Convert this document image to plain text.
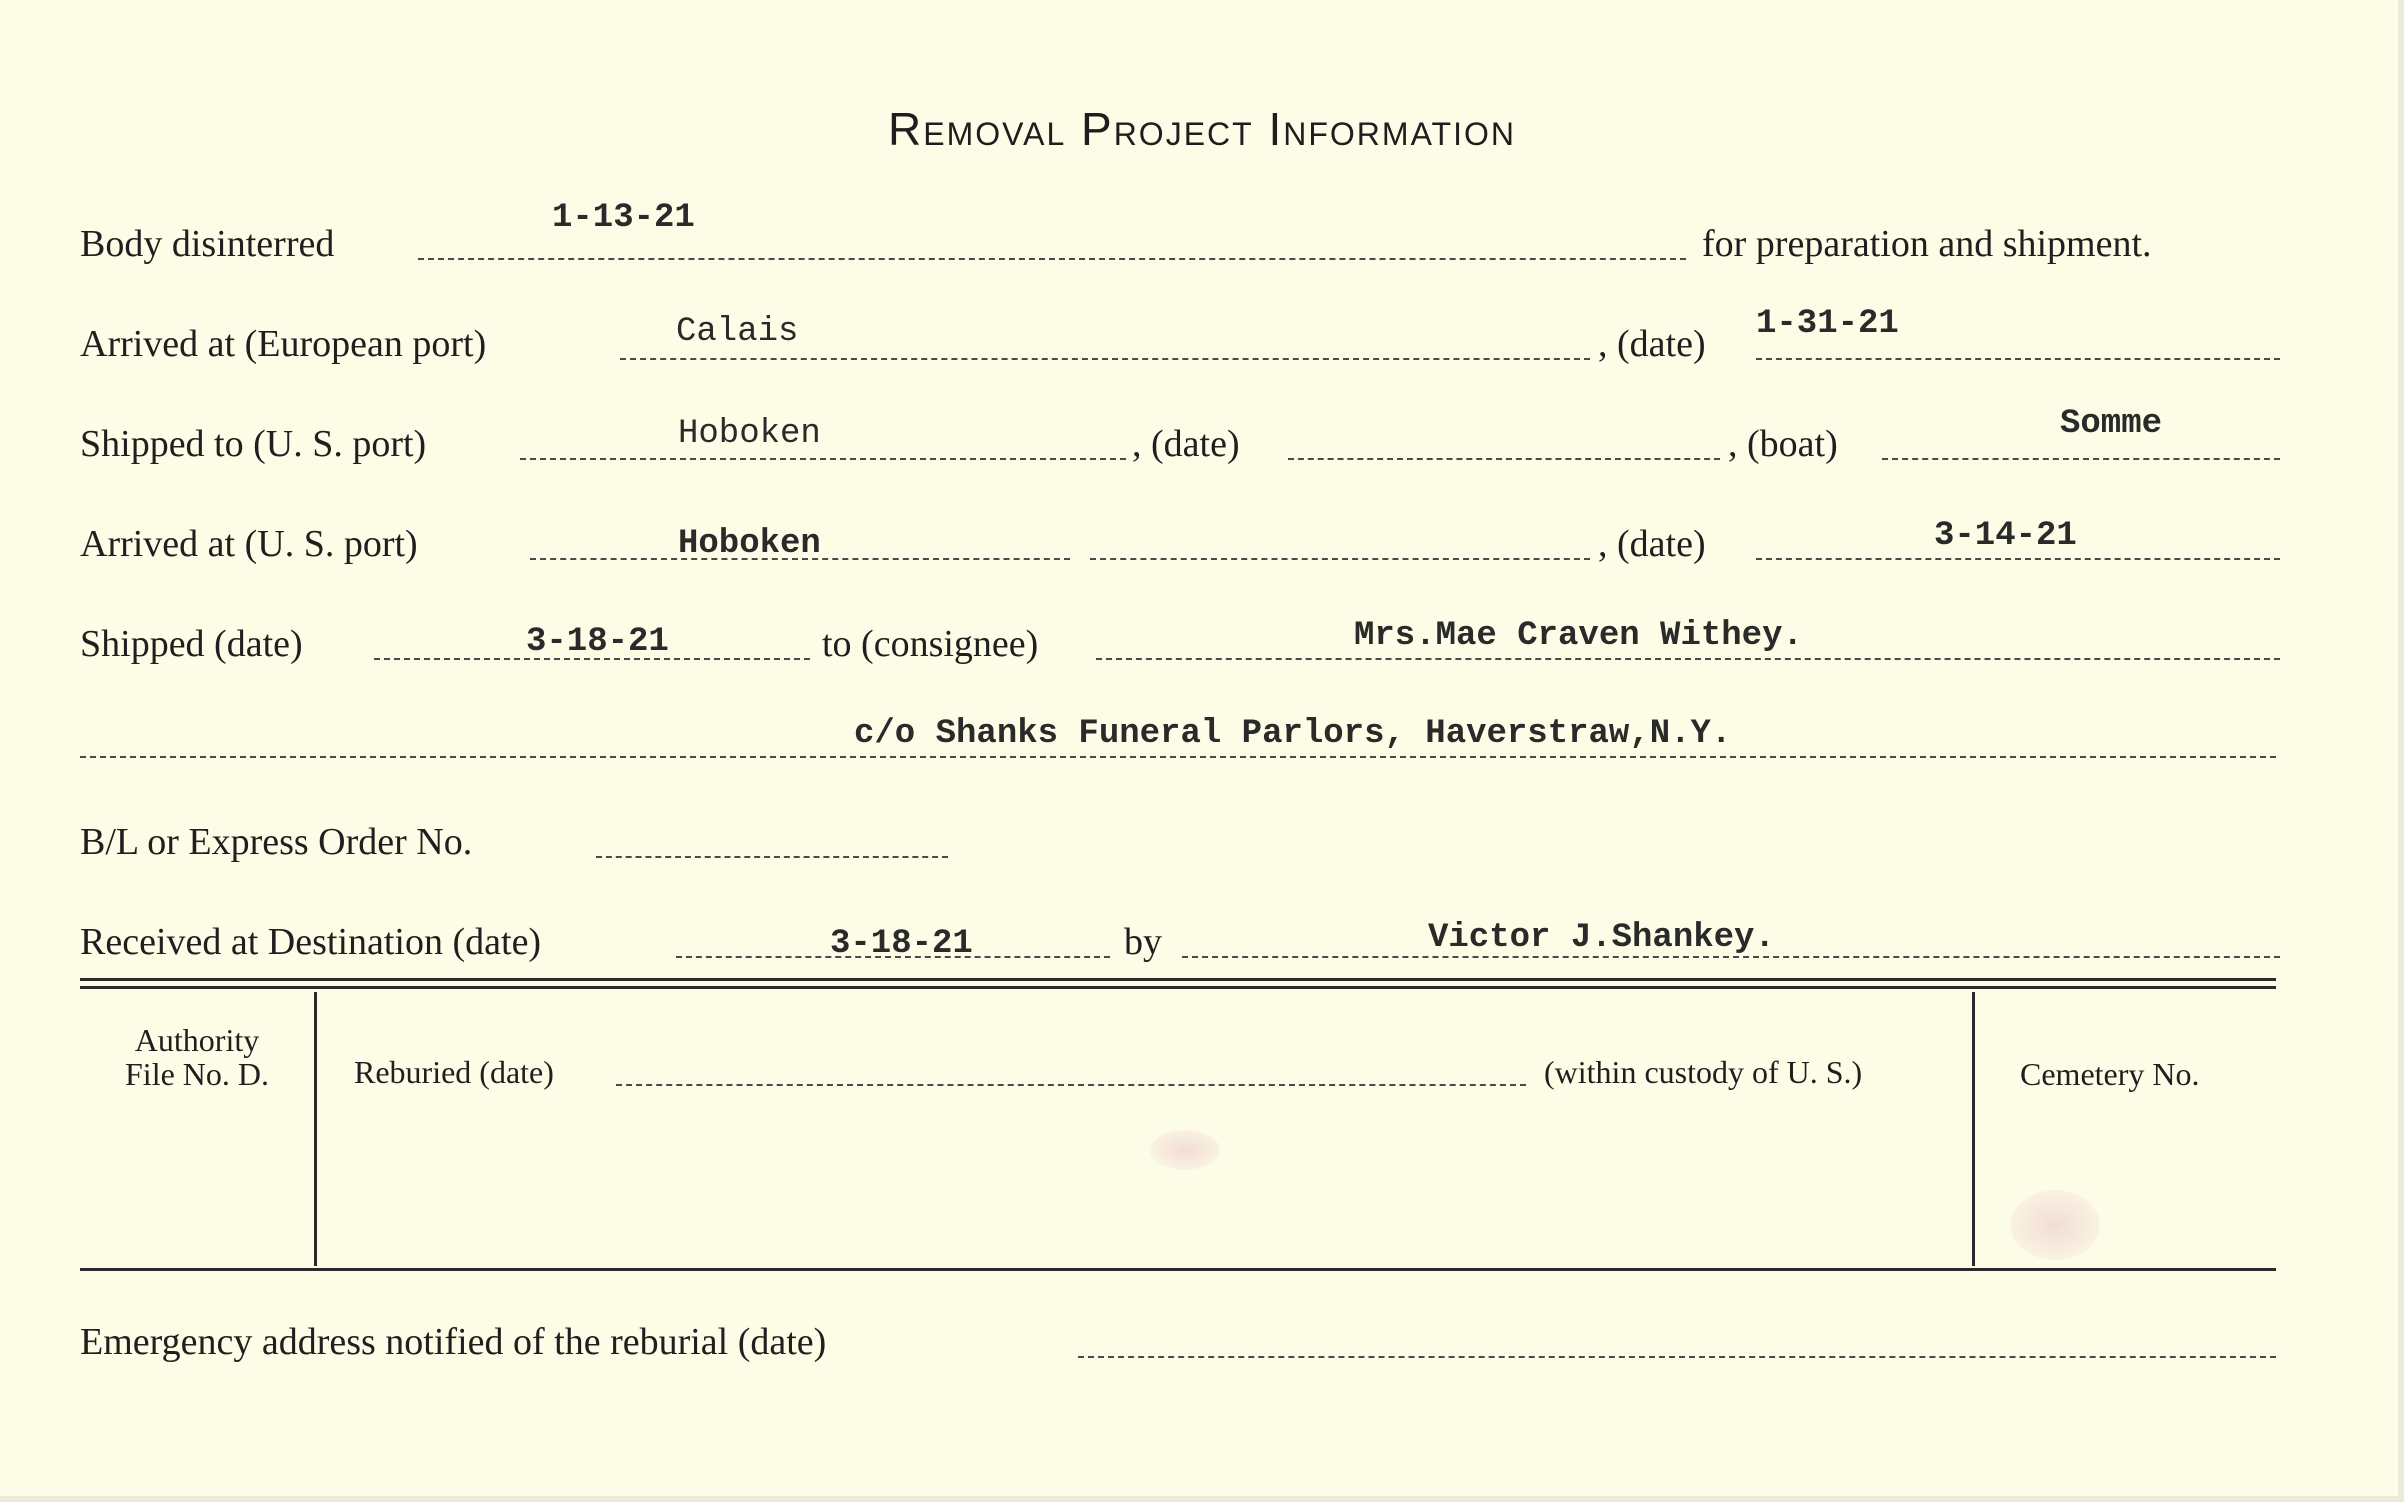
Removal Project Information
Body disinterred
1-13-21
for preparation and shipment.
Arrived at (European port)	Calais	, (date) 1-31-21
Shipped to (U. S. port)	Hoboken	, (date)	, (boat)	Somme
Arrived at (U. S. port)	Hoboken	, (date)	3-14-21
Shipped (date)	3-18-21	to (consignee)	Mrs.Mae Craven Withey.
c/o Shanks Funeral Parlors, Haverstraw,N.Y.
B/L or Express Order No.
Received at Destination (date)	3-18-21	by	Victor J.Shankey.
Authority
File No. D.	Reburied (date)	(within custody of U. S.)	Cemetery No.
Emergency address notified of the reburial (date)
